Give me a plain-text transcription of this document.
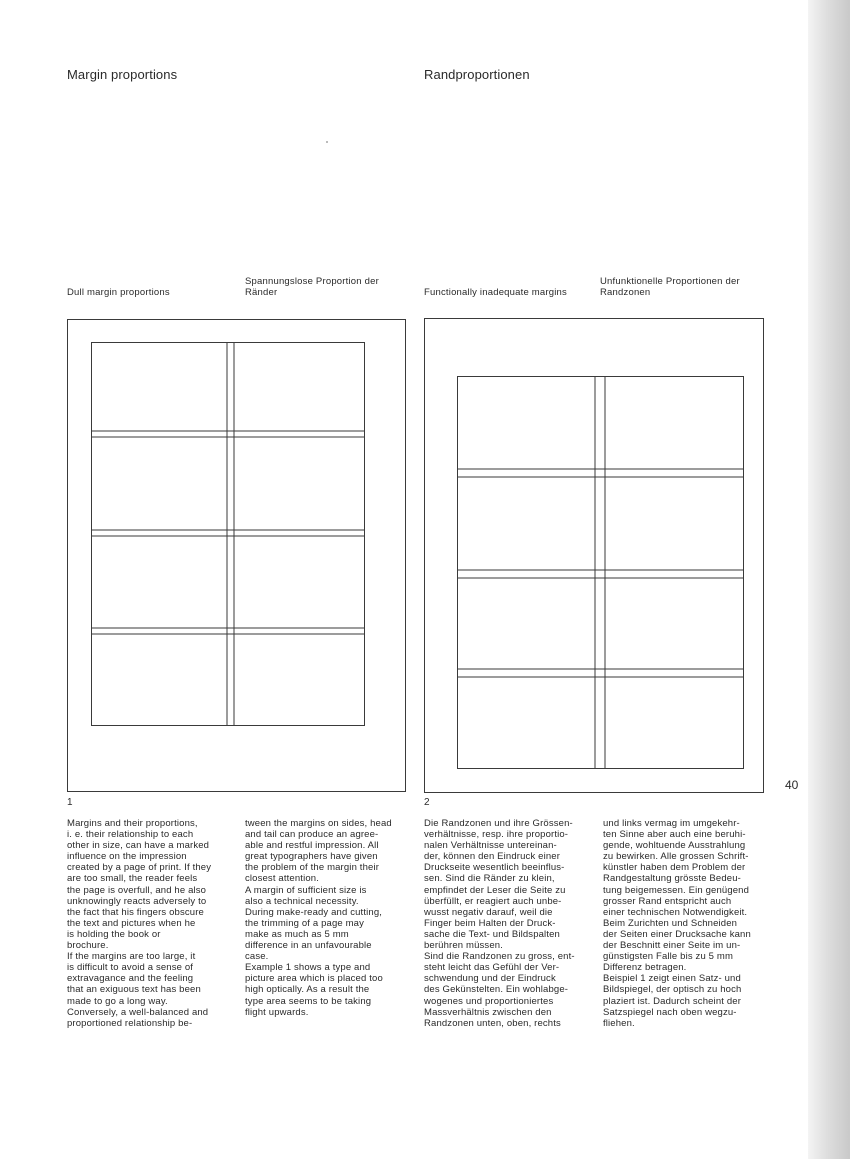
Margin proportions	Randproportionen
Dull margin proportions
Spannungslose Proportion der
Ränder	Functionally inadequate margins
Unfunktionelle Proportionen der
Randzonen
1	2
40
Margins and their proportions,
i. e. their relationship to each
other in size, can have a marked
influence on the impression
created by a page of print. If they
are too small, the reader feels
the page is overfull, and he also
unknowingly reacts adversely to
the fact that his fingers obscure
the text and pictures when he
is holding the book or
brochure.
If the margins are too large, it
is difficult to avoid a sense of
extravagance and the feeling
that an exiguous text has been
made to go a long way.
Conversely, a well-balanced and
proportioned relationship be-
tween the margins on sides, head
and tail can produce an agree-
able and restful impression. All
great typographers have given
the problem of the margin their
closest attention.
A margin of sufficient size is
also a technical necessity.
During make-ready and cutting,
the trimming of a page may
make as much as 5 mm
difference in an unfavourable
case.
Example 1 shows a type and
picture area which is placed too
high optically. As a result the
type area seems to be taking
flight upwards.
Die Randzonen und ihre Grössen-
verhältnisse, resp. ihre proportio-
nalen Verhältnisse untereinan-
der, können den Eindruck einer
Druckseite wesentlich beeinflus-
sen. Sind die Ränder zu klein,
empfindet der Leser die Seite zu
überfüllt, er reagiert auch unbe-
wusst negativ darauf, weil die
Finger beim Halten der Druck-
sache die Text- und Bildspalten
berühren müssen.
Sind die Randzonen zu gross, ent-
steht leicht das Gefühl der Ver-
schwendung und der Eindruck
des Gekünstelten. Ein wohlabge-
wogenes und proportioniertes
Massverhältnis zwischen den
Randzonen unten, oben, rechts
und links vermag im umgekehr-
ten Sinne aber auch eine beruhi-
gende, wohltuende Ausstrahlung
zu bewirken. Alle grossen Schrift-
künstler haben dem Problem der
Randgestaltung grösste Bedeu-
tung beigemessen. Ein genügend
grosser Rand entspricht auch
einer technischen Notwendigkeit.
Beim Zurichten und Schneiden
der Seiten einer Drucksache kann
der Beschnitt einer Seite im un-
günstigsten Falle bis zu 5 mm
Differenz betragen.
Beispiel 1 zeigt einen Satz- und
Bildspiegel, der optisch zu hoch
plaziert ist. Dadurch scheint der
Satzspiegel nach oben wegzu-
fliehen.
